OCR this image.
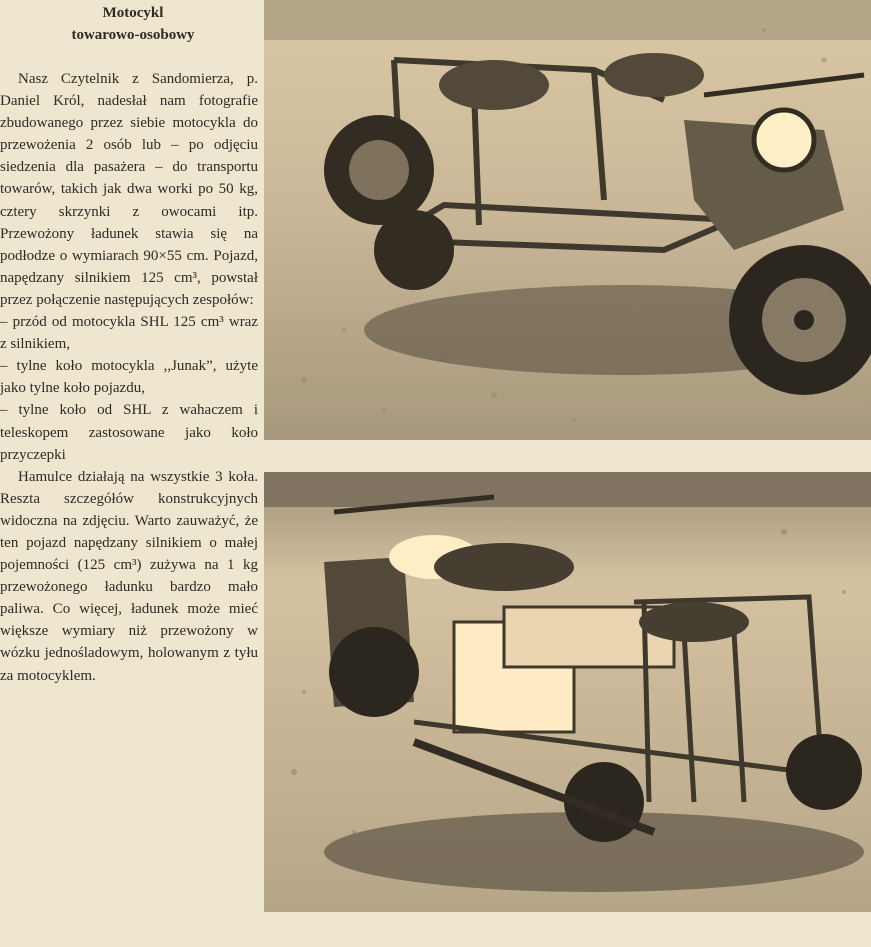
Motocykl
towarowo-osobowy

Nasz Czytelnik z Sandomierza, p. Daniel Król, nadesłał nam fotografie zbudowanego przez siebie motocykla do przewożenia 2 osób lub – po odjęciu siedzenia dla pasażera – do transportu towarów, takich jak dwa worki po 50 kg, cztery skrzynki z owocami itp. Przewożony ładunek stawia się na podłodze o wymiarach 90×55 cm. Pojazd, napędzany silnikiem 125 cm³, powstał przez połączenie następujących zespołów:

– przód od motocykla SHL 125 cm³ wraz z silnikiem,

– tylne koło motocykla ,,Junak”, użyte jako tylne koło pojazdu,

– tylne koło od SHL z wahaczem i teleskopem zastosowane jako koło przyczepki

Hamulce działają na wszystkie 3 koła. Reszta szczegółów konstrukcyjnych widoczna na zdjęciu. Warto zauważyć, że ten pojazd napędzany silnikiem o małej pojemności (125 cm³) zużywa na 1 kg przewożonego ładunku bardzo mało paliwa. Co więcej, ładunek może mieć większe wymiary niż przewożony w wózku jednośladowym, holowanym z tyłu za motocyklem.
